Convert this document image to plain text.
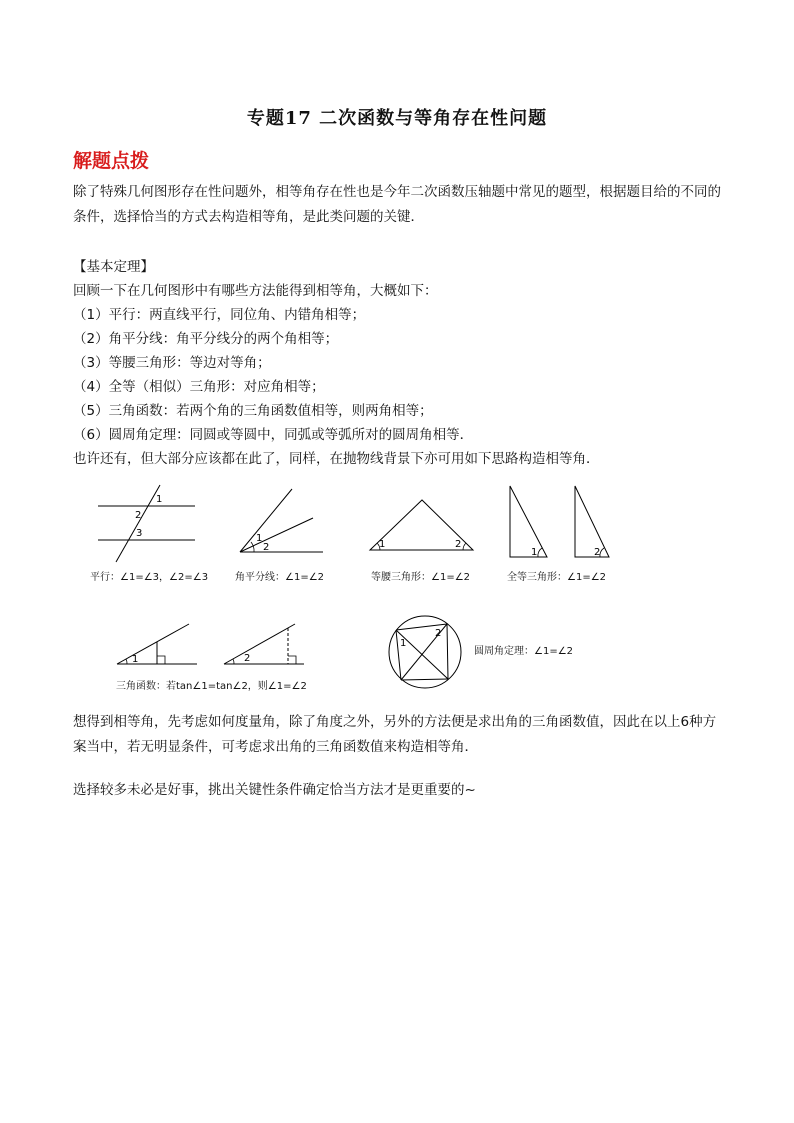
专题17 二次函数与等角存在性问题
解题点拨
除了特殊几何图形存在性问题外，相等角存在性也是今年二次函数压轴题中常见的题型，根据题目给的不同的条件，选择恰当的方式去构造相等角，是此类问题的关键．
【基本定理】
回顾一下在几何图形中有哪些方法能得到相等角，大概如下：
（1）平行：两直线平行，同位角、内错角相等；
（2）角平分线：角平分线分的两个角相等；
（3）等腰三角形：等边对等角；
（4）全等（相似）三角形：对应角相等；
（5）三角函数：若两个角的三角函数值相等，则两角相等；
（6）圆周角定理：同圆或等圆中，同弧或等弧所对的圆周角相等．
也许还有，但大部分应该都在此了，同样，在抛物线背景下亦可用如下思路构造相等角．
1
2
3
平行：∠1=∠3，∠2=∠3
1
2
角平分线：∠1=∠2
1	2
等腰三角形：∠1=∠2
1	2
全等三角形：∠1=∠2
1	2
三角函数：若tan∠1=tan∠2，则∠1=∠2
1
2
圆周角定理：∠1=∠2
想得到相等角，先考虑如何度量角，除了角度之外，另外的方法便是求出角的三角函数值，因此在以上6种方案当中，若无明显条件，可考虑求出角的三角函数值来构造相等角．
选择较多未必是好事，挑出关键性条件确定恰当方法才是更重要的~
